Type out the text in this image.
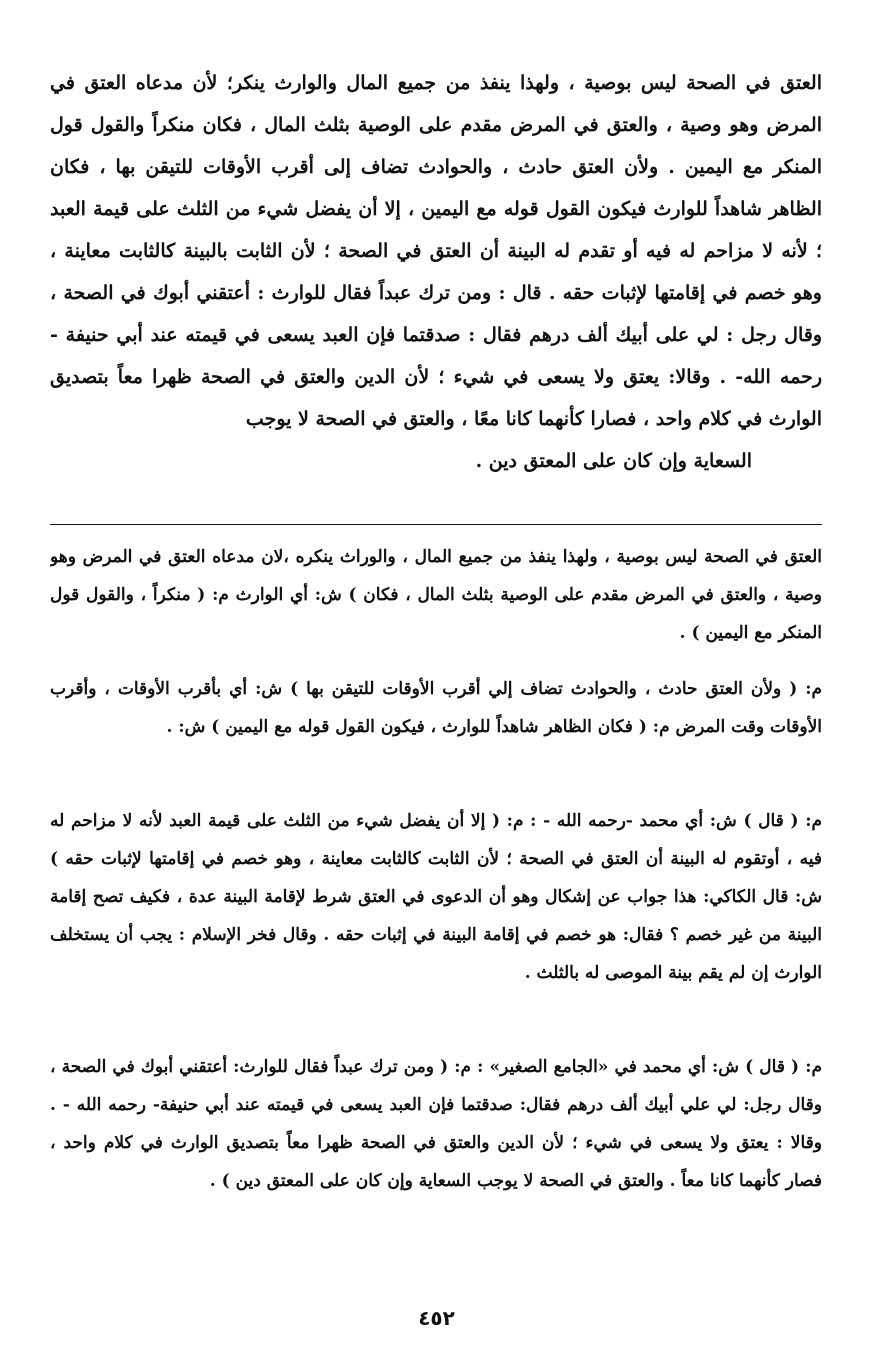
العتق في الصحة ليس بوصية ، ولهذا ينفذ من جميع المال والوارث ينكر؛ لأن مدعاه العتق في المرض وهو وصية ، والعتق في المرض مقدم على الوصية بثلث المال ، فكان منكراً والقول قول المنكر مع اليمين . ولأن العتق حادث ، والحوادث تضاف إلى أقرب الأوقات للتيقن بها ، فكان الظاهر شاهداً للوارث فيكون القول قوله مع اليمين ، إلا أن يفضل شيء من الثلث على قيمة العبد ؛ لأنه لا مزاحم له فيه أو تقدم له البينة أن العتق في الصحة ؛ لأن الثابت بالبينة كالثابت معاينة ، وهو خصم في إقامتها لإثبات حقه . قال : ومن ترك عبداً فقال للوارث : أعتقني أبوك في الصحة ، وقال رجل : لي على أبيك ألف درهم فقال : صدقتما فإن العبد يسعى في قيمته عند أبي حنيفة - رحمه الله- . وقالا: يعتق ولا يسعى في شيء ؛ لأن الدين والعتق في الصحة ظهرا معاً بتصديق الوارث في كلام واحد ، فصارا كأنهما كانا معًا ، والعتق في الصحة لا يوجب
السعاية وإن كان على المعتق دين .

العتق في الصحة ليس بوصية ، ولهذا ينفذ من جميع المال ، والوراث ينكره ،لان مدعاه العتق في المرض وهو وصية ، والعتق في المرض مقدم على الوصية بثلث المال ، فكان ) ش: أي الوارث م: ( منكراً ، والقول قول المنكر مع اليمين ) .

م: ( ولأن العتق حادث ، والحوادث تضاف إلي أقرب الأوقات للتيقن بها ) ش: أي بأقرب الأوقات ، وأقرب الأوقات وقت المرض م: ( فكان الظاهر شاهداً للوارث ، فيكون القول قوله مع اليمين ) ش: .

م: ( قال ) ش: أي محمد -رحمه الله - : م: ( إلا أن يفضل شيء من الثلث على قيمة العبد لأنه لا مزاحم له فيه ، أوتقوم له البينة أن العتق في الصحة ؛ لأن الثابت كالثابت معاينة ، وهو خصم في إقامتها لإثبات حقه ) ش: قال الكاكي: هذا جواب عن إشكال وهو أن الدعوى في العتق شرط لإقامة البينة عدة ، فكيف تصح إقامة البينة من غير خصم ؟ فقال: هو خصم في إقامة البينة في إثبات حقه . وقال فخر الإسلام : يجب أن يستخلف الوارث إن لم يقم بينة الموصى له بالثلث .

م: ( قال ) ش: أي محمد في «الجامع الصغير» : م: ( ومن ترك عبداً فقال للوارث: أعتقني أبوك في الصحة ، وقال رجل: لي علي أبيك ألف درهم فقال: صدقتما فإن العبد يسعى في قيمته عند أبي حنيفة- رحمه الله - . وقالا : يعتق ولا يسعى في شيء ؛ لأن الدين والعتق في الصحة ظهرا معاً بتصديق الوارث في كلام واحد ، فصار كأنهما كانا معاً . والعتق في الصحة لا يوجب السعاية وإن كان على المعتق دين ) .

٤٥٢
